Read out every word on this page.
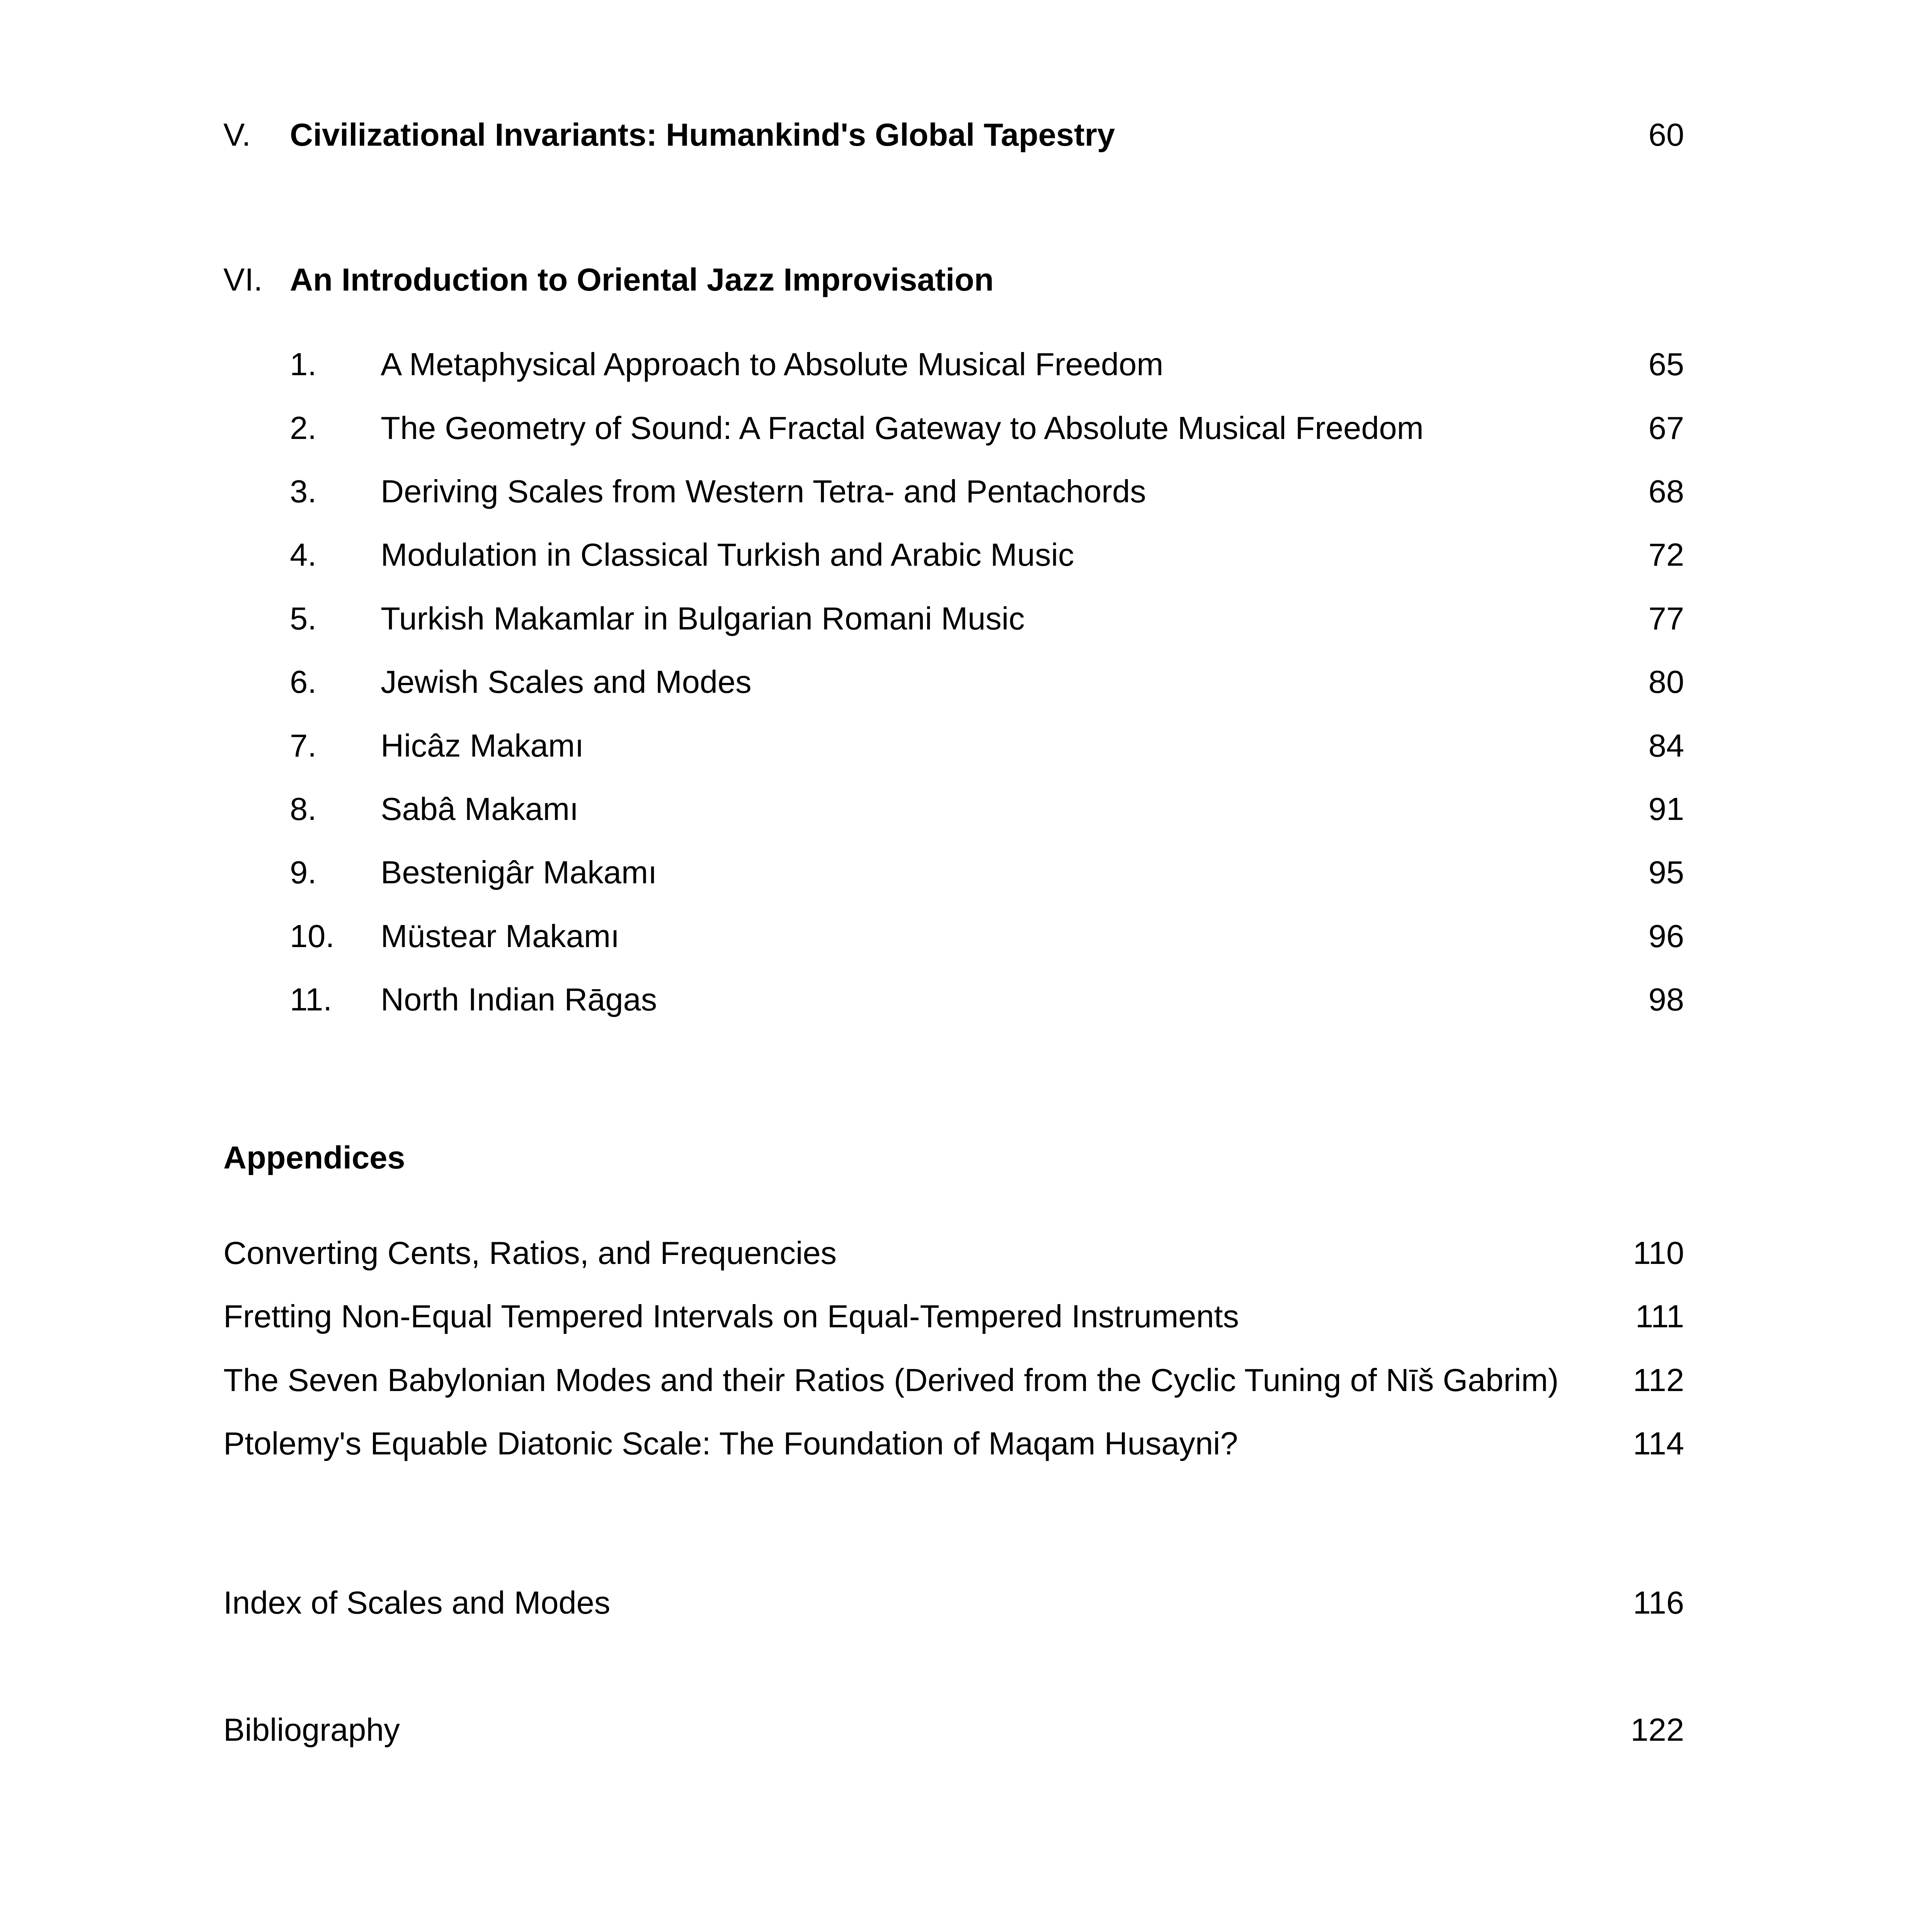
V. Civilizational Invariants: Humankind's Global Tapestry	60
VI. An Introduction to Oriental Jazz Improvisation
1. A Metaphysical Approach to Absolute Musical Freedom	65
2. The Geometry of Sound: A Fractal Gateway to Absolute Musical Freedom	67
3. Deriving Scales from Western Tetra- and Pentachords	68
4. Modulation in Classical Turkish and Arabic Music	72
5. Turkish Makamlar in Bulgarian Romani Music	77
6. Jewish Scales and Modes	80
7. Hicâz Makamı	84
8. Sabâ Makamı	91
9. Bestenigâr Makamı	95
10. Müstear Makamı	96
11. North Indian Rāgas	98
Appendices
Converting Cents, Ratios, and Frequencies	110
Fretting Non-Equal Tempered Intervals on Equal-Tempered Instruments	111
The Seven Babylonian Modes and their Ratios (Derived from the Cyclic Tuning of Nīš Gabrim) 112
Ptolemy's Equable Diatonic Scale: The Foundation of Maqam Husayni?	114
Index of Scales and Modes	116
Bibliography	122
